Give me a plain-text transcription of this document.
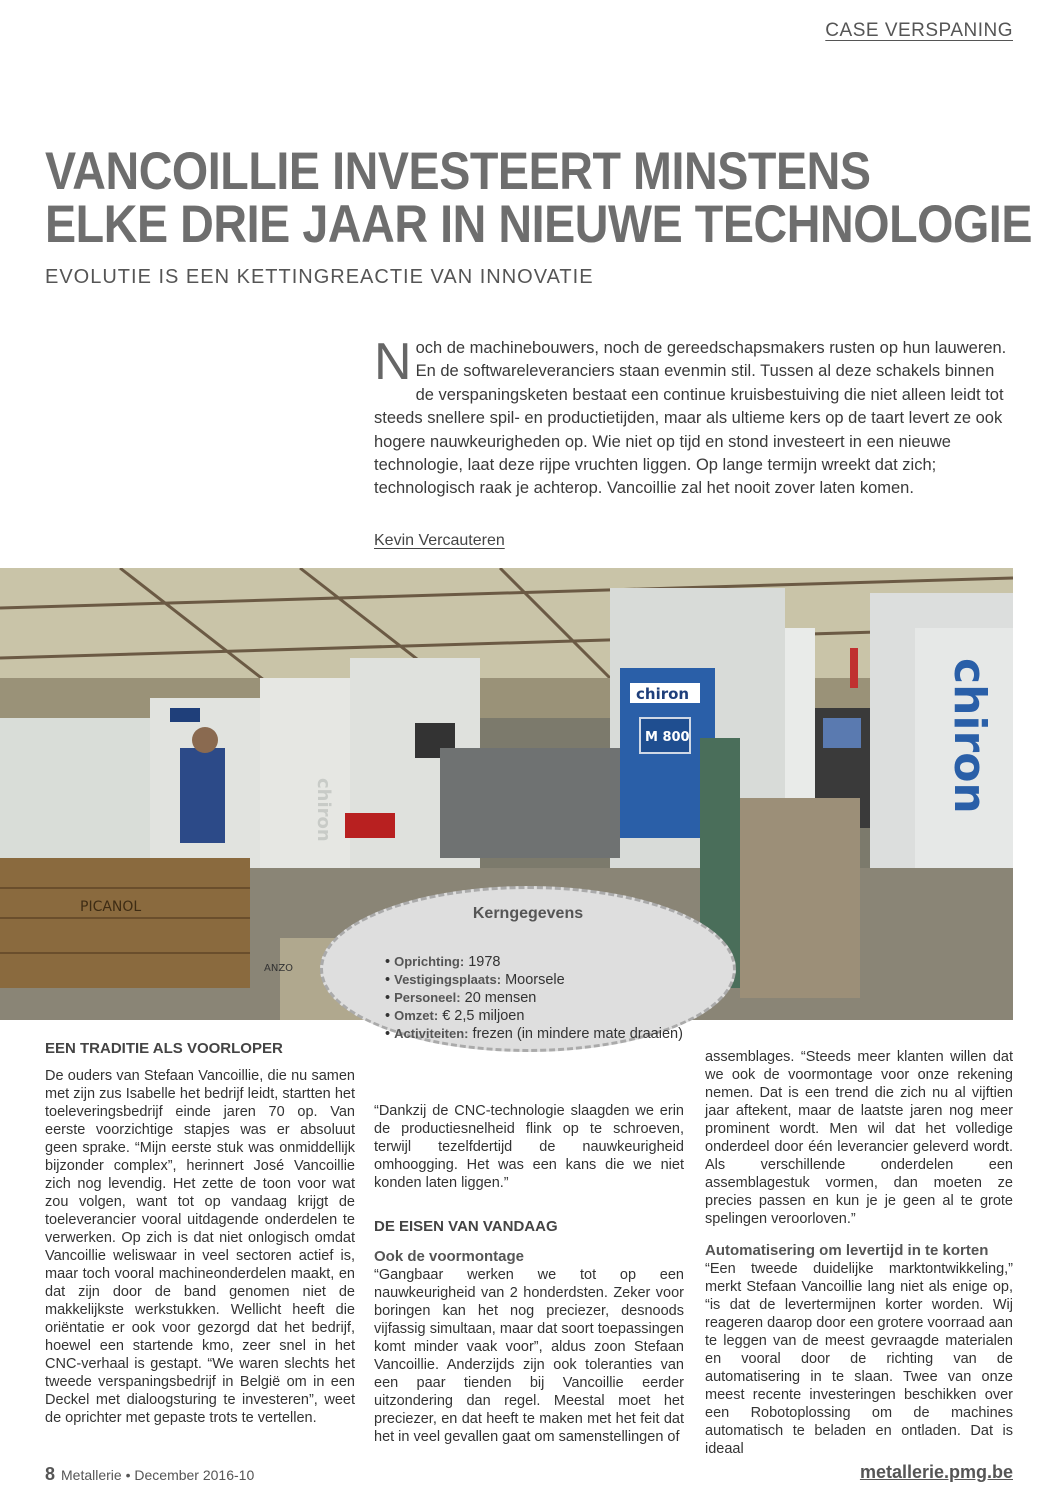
CASE VERSPANING
VANCOILLIE INVESTEERT MINSTENS
ELKE DRIE JAAR IN NIEUWE TECHNOLOGIE
EVOLUTIE IS EEN KETTINGREACTIE VAN INNOVATIE

Noch de machinebouwers, noch de gereedschapsmakers rusten op hun lauweren. En de softwareleveranciers staan evenmin stil. Tussen al deze schakels binnen de verspaningsketen bestaat een continue kruisbestuiving die niet alleen leidt tot steeds snellere spil- en productietijden, maar als ultieme kers op de taart levert ze ook hogere nauwkeurigheden op. Wie niet op tijd en stond investeert in een nieuwe technologie, laat deze rijpe vruchten liggen. Op lange termijn wreekt dat zich; technologisch raak je achterop. Vancoillie zal het nooit zover laten komen.

Kevin Vercauteren
chiron
chiron
M 800	chiron
PICANOL
ANZO
Kerngegevens
• Oprichting: 1978
• Vestigingsplaats: Moorsele
• Personeel: 20 mensen
• Omzet: € 2,5 miljoen
• Activiteiten: frezen (in mindere mate draaien)

EEN TRADITIE ALS VOORLOPER

De ouders van Stefaan Vancoillie, die nu samen met zijn zus Isabelle het bedrijf leidt, startten het toeleveringsbedrijf einde jaren 70 op. Van eerste voorzichtige stapjes was er absoluut geen sprake. “Mijn eerste stuk was onmiddellijk bijzonder complex”, herinnert José Vancoillie zich nog levendig. Het zette de toon voor wat zou volgen, want tot op vandaag krijgt de toeleverancier vooral uitdagende onderdelen te verwerken. Op zich is dat niet onlogisch omdat Vancoillie weliswaar in veel sectoren actief is, maar toch vooral machineonderdelen maakt, en dat zijn door de band genomen niet de makkelijkste werkstukken. Wellicht heeft die oriëntatie er ook voor gezorgd dat het bedrijf, hoewel een startende kmo, zeer snel in het CNC-verhaal is gestapt. “We waren slechts het tweede verspaningsbedrijf in België om in een Deckel met dialoogsturing te investeren”, weet de oprichter met gepaste trots te vertellen.

“Dankzij de CNC-technologie slaagden we erin de productiesnelheid flink op te schroeven, terwijl tezelfdertijd de nauwkeurigheid omhoogging. Het was een kans die we niet konden laten liggen.”

DE EISEN VAN VANDAAG

Ook de voormontage

“Gangbaar werken we tot op een nauwkeurigheid van 2 honderdsten. Zeker voor boringen kan het nog preciezer, desnoods vijfassig simultaan, maar dat soort toepassingen komt minder vaak voor”, aldus zoon Stefaan Vancoillie. Anderzijds zijn ook toleranties van een paar tienden bij Vancoillie eerder uitzondering dan regel. Meestal moet het preciezer, en dat heeft te maken met het feit dat het in veel gevallen gaat om samenstellingen of

assemblages. “Steeds meer klanten willen dat we ook de voormontage voor onze rekening nemen. Dat is een trend die zich nu al vijftien jaar aftekent, maar de laatste jaren nog meer prominent wordt. Men wil dat het volledige onderdeel door één leverancier geleverd wordt. Als verschillende onderdelen een assemblagestuk vormen, dan moeten ze precies passen en kun je je geen al te grote spelingen veroorloven.”

Automatisering om levertijd in te korten

“Een tweede duidelijke marktontwikkeling,” merkt Stefaan Vancoillie lang niet als enige op, “is dat de levertermijnen korter worden. Wij reageren daarop door een grotere voorraad aan te leggen van de meest gevraagde materialen en vooral door de richting van de automatisering in te slaan. Twee van onze meest recente investeringen beschikken over een Robotoplossing om de machines automatisch te beladen en ontladen. Dat is ideaal

8 Metallerie • December 2016-10	metallerie.pmg.be
